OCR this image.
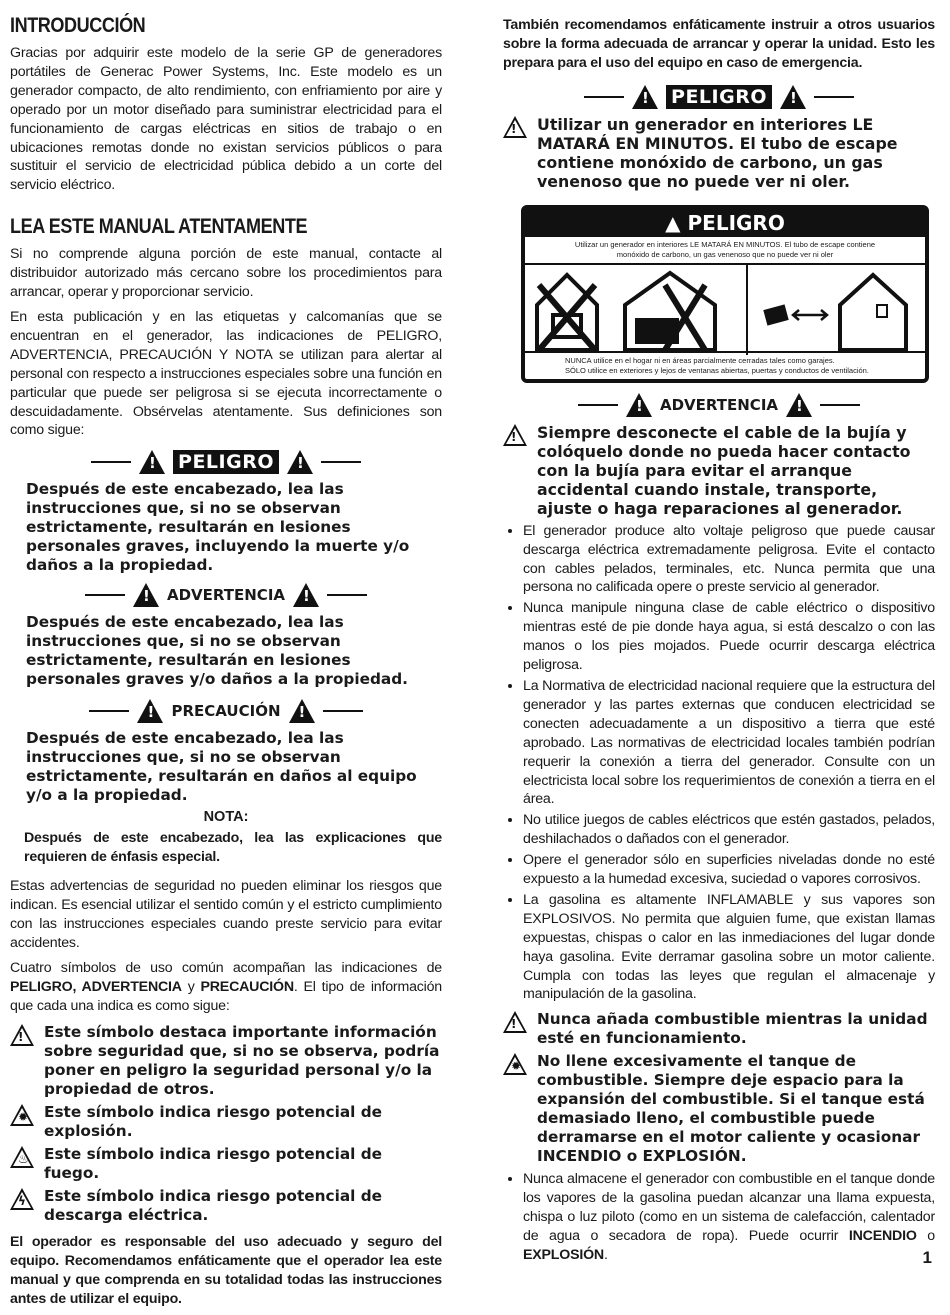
INTRODUCCIÓN

Gracias por adquirir este modelo de la serie GP de generadores portátiles de Generac Power Systems, Inc. Este modelo es un generador compacto, de alto rendimiento, con enfriamiento por aire y operado por un motor diseñado para suministrar electricidad para el funcionamiento de cargas eléctricas en sitios de trabajo o en ubicaciones remotas donde no existan servicios públicos o para sustituir el servicio de electricidad pública debido a un corte del servicio eléctrico.

LEA ESTE MANUAL ATENTAMENTE

Si no comprende alguna porción de este manual, contacte al distribuidor autorizado más cercano sobre los procedimientos para arrancar, operar y proporcionar servicio.

En esta publicación y en las etiquetas y calcomanías que se encuentran en el generador, las indicaciones de PELIGRO, ADVERTENCIA, PRECAUCIÓN Y NOTA se utilizan para alertar al personal con respecto a instrucciones especiales sobre una función en particular que puede ser peligrosa si se ejecuta incorrectamente o descuidadamente. Obsérvelas atentamente. Sus definiciones son como sigue:

!
PELIGRO
!

Después de este encabezado, lea las instrucciones que, si no se observan estrictamente, resultarán en lesiones personales graves, incluyendo la muerte y/o daños a la propiedad.

!
ADVERTENCIA
!

Después de este encabezado, lea las instrucciones que, si no se observan estrictamente, resultarán en lesiones personales graves y/o daños a la propiedad.

!
PRECAUCIÓN
!

Después de este encabezado, lea las instrucciones que, si no se observan estrictamente, resultarán en daños al equipo y/o a la propiedad.

NOTA:

Después de este encabezado, lea las explicaciones que requieren de énfasis especial.

Estas advertencias de seguridad no pueden eliminar los riesgos que indican. Es esencial utilizar el sentido común y el estricto cumplimiento con las instrucciones especiales cuando preste servicio para evitar accidentes.

Cuatro símbolos de uso común acompañan las indicaciones de PELIGRO, ADVERTENCIA y PRECAUCIÓN. El tipo de información que cada una indica es como sigue:

! Este símbolo destaca importante información sobre seguridad que, si no se observa, podría poner en peligro la seguridad personal y/o la propiedad de otros.

✹ Este símbolo indica riesgo potencial de explosión.

♨ Este símbolo indica riesgo potencial de fuego.

ϟ Este símbolo indica riesgo potencial de descarga eléctrica.

El operador es responsable del uso adecuado y seguro del equipo. Recomendamos enfáticamente que el operador lea este manual y que comprenda en su totalidad todas las instrucciones antes de utilizar el equipo.

También recomendamos enfáticamente instruir a otros usuarios sobre la forma adecuada de arrancar y operar la unidad. Esto les prepara para el uso del equipo en caso de emergencia.

!
PELIGRO
!
! Utilizar un generador en interiores LE MATARÁ EN MINUTOS. El tubo de escape contiene monóxido de carbono, un gas venenoso que no puede ver ni oler.

▲ PELIGRO
Utilizar un generador en interiores LE MATARÁ EN MINUTOS. El tubo de escape contiene monóxido de carbono, un gas venenoso que no puede ver ni oler
NUNCA utilice en el hogar ni en áreas parcialmente cerradas tales como garajes.
SÓLO utilice en exteriores y lejos de ventanas abiertas, puertas y conductos de ventilación.
!
ADVERTENCIA
!
! Siempre desconecte el cable de la bujía y colóquelo donde no pueda hacer contacto con la bujía para evitar el arranque accidental cuando instale, transporte, ajuste o haga reparaciones al generador.

• El generador produce alto voltaje peligroso que puede causar descarga eléctrica extremadamente peligrosa. Evite el contacto con cables pelados, terminales, etc. Nunca permita que una persona no calificada opere o preste servicio al generador.
• Nunca manipule ninguna clase de cable eléctrico o dispositivo mientras esté de pie donde haya agua, si está descalzo o con las manos o los pies mojados. Puede ocurrir descarga eléctrica peligrosa.
• La Normativa de electricidad nacional requiere que la estructura del generador y las partes externas que conducen electricidad se conecten adecuadamente a un dispositivo a tierra que esté aprobado. Las normativas de electricidad locales también podrían requerir la conexión a tierra del generador. Consulte con un electricista local sobre los requerimientos de conexión a tierra en el área.
• No utilice juegos de cables eléctricos que estén gastados, pelados, deshilachados o dañados con el generador.
• Opere el generador sólo en superficies niveladas donde no esté expuesto a la humedad excesiva, suciedad o vapores corrosivos.
• La gasolina es altamente INFLAMABLE y sus vapores son EXPLOSIVOS. No permita que alguien fume, que existan llamas expuestas, chispas o calor en las inmediaciones del lugar donde haya gasolina. Evite derramar gasolina sobre un motor caliente. Cumpla con todas las leyes que regulan el almacenaje y manipulación de la gasolina.
! Nunca añada combustible mientras la unidad esté en funcionamiento.

✹ No llene excesivamente el tanque de combustible. Siempre deje espacio para la expansión del combustible. Si el tanque está demasiado lleno, el combustible puede derramarse en el motor caliente y ocasionar INCENDIO o EXPLOSIÓN.

• Nunca almacene el generador con combustible en el tanque donde los vapores de la gasolina puedan alcanzar una llama expuesta, chispa o luz piloto (como en un sistema de calefacción, calentador de agua o secadora de ropa). Puede ocurrir INCENDIO o EXPLOSIÓN.	1
